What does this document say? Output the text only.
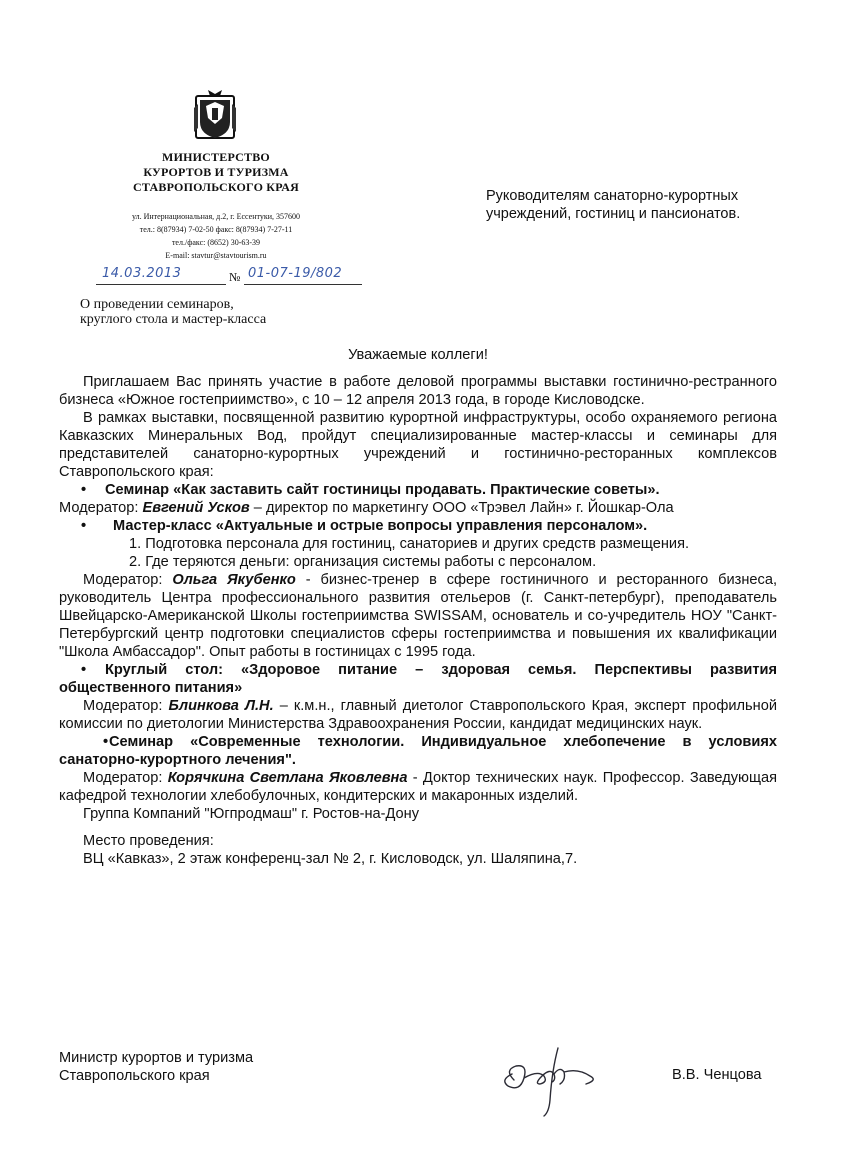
МИНИСТЕРСТВО
КУРОРТОВ И ТУРИЗМА
СТАВРОПОЛЬСКОГО КРАЯ
ул. Интернациональная, д.2, г. Ессентуки, 357600
тел.: 8(87934) 7-02-50 факс: 8(87934) 7-27-11
тел./факс: (8652) 30-63-39
E-mail: stavtur@stavtourism.ru
14.03.2013	№ 01-07-19/802
О проведении семинаров,
круглого стола и мастер-класса
Руководителям санаторно-курортных
учреждений, гостиниц и пансионатов.

Уважаемые коллеги!

Приглашаем Вас принять участие в работе деловой программы выставки гостинично-рестранного бизнеса «Южное гостеприимство», с 10 – 12 апреля 2013 года, в городе Кисловодске.

В рамках выставки, посвященной развитию курортной инфраструктуры, особо охраняемого региона Кавказских Минеральных Вод, пройдут специализированные мастер-классы и семинары для представителей санаторно-курортных учреждений и гостинично-ресторанных комплексов Ставропольского края:

• Семинар «Как заставить сайт гостиницы продавать. Практические советы».

Модератор: Евгений Усков – директор по маркетингу ООО «Трэвел Лайн» г. Йошкар-Ола

• Мастер-класс «Актуальные и острые вопросы управления персоналом».

1. Подготовка персонала для гостиниц, санаториев и других средств размещения.

2. Где теряются деньги: организация системы работы с персоналом.

Модератор: Ольга Якубенко - бизнес-тренер в сфере гостиничного и ресторанного бизнеса, руководитель Центра профессионального развития отельеров (г. Санкт-петербург), преподаватель Швейцарско-Американской Школы гостеприимства SWISSAM, основатель и со-учредитель НОУ "Санкт-Петербургский центр подготовки специалистов сферы гостеприимства и повышения их квалификации "Школа Амбассадор". Опыт работы в гостиницах с 1995 года.

• Круглый стол: «Здоровое питание – здоровая семья. Перспективы развития общественного питания»

Модератор: Блинкова Л.Н. – к.м.н., главный диетолог Ставропольского Края, эксперт профильной комиссии по диетологии Министерства Здравоохранения России, кандидат медицинских наук.

•Семинар «Современные технологии. Индивидуальное хлебопечение в условиях санаторно-курортного лечения".

Модератор: Корячкина Светлана Яковлевна - Доктор технических наук. Профессор. Заведующая кафедрой технологии хлебобулочных, кондитерских и макаронных изделий.

Группа Компаний "Югпродмаш" г. Ростов-на-Дону

Место проведения:

ВЦ «Кавказ», 2 этаж конференц-зал № 2, г. Кисловодск, ул. Шаляпина,7.

Министр курортов и туризма
Ставропольского края	В.В. Ченцова
